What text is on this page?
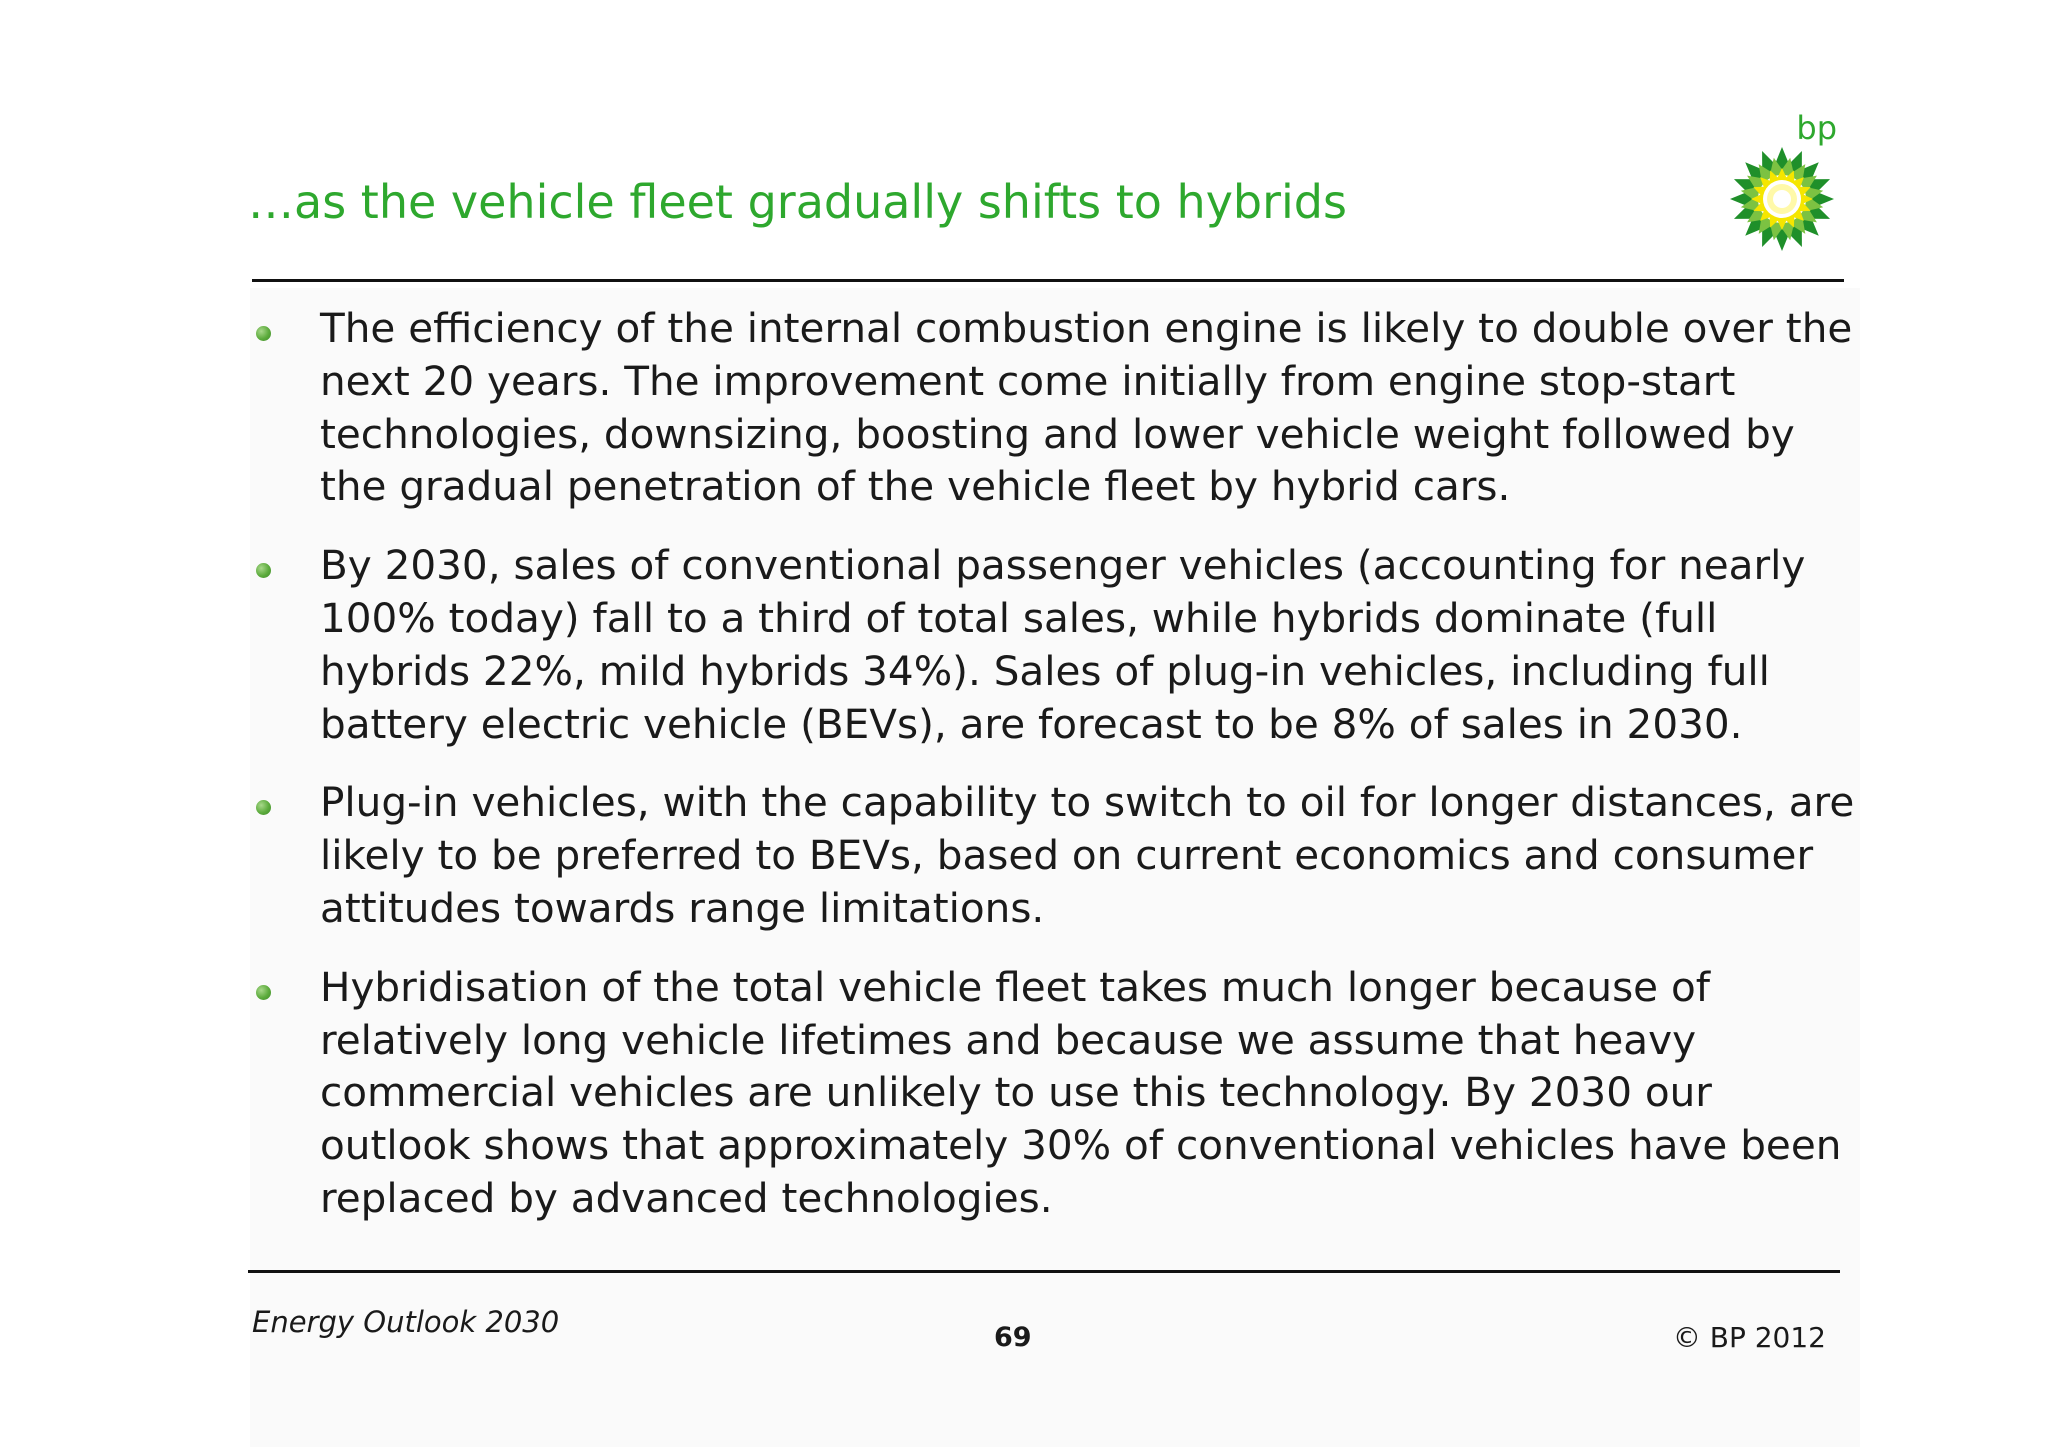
…as the vehicle fleet gradually shifts to hybrids
bp
The efficiency of the internal combustion engine is likely to double over the next 20 years. The improvement come initially from engine stop-start technologies, downsizing, boosting and lower vehicle weight followed by the gradual penetration of the vehicle fleet by hybrid cars.
By 2030, sales of conventional passenger vehicles (accounting for nearly 100% today) fall to a third of total sales, while hybrids dominate (full hybrids 22%, mild hybrids 34%). Sales of plug-in vehicles, including full battery electric vehicle (BEVs), are forecast to be 8% of sales in 2030.
Plug-in vehicles, with the capability to switch to oil for longer distances, are likely to be preferred to BEVs, based on current economics and consumer attitudes towards range limitations.
Hybridisation of the total vehicle fleet takes much longer because of relatively long vehicle lifetimes and because we assume that heavy commercial vehicles are unlikely to use this technology. By 2030 our outlook shows that approximately 30% of conventional vehicles have been replaced by advanced technologies.
Energy Outlook 2030	69	© BP 2012
